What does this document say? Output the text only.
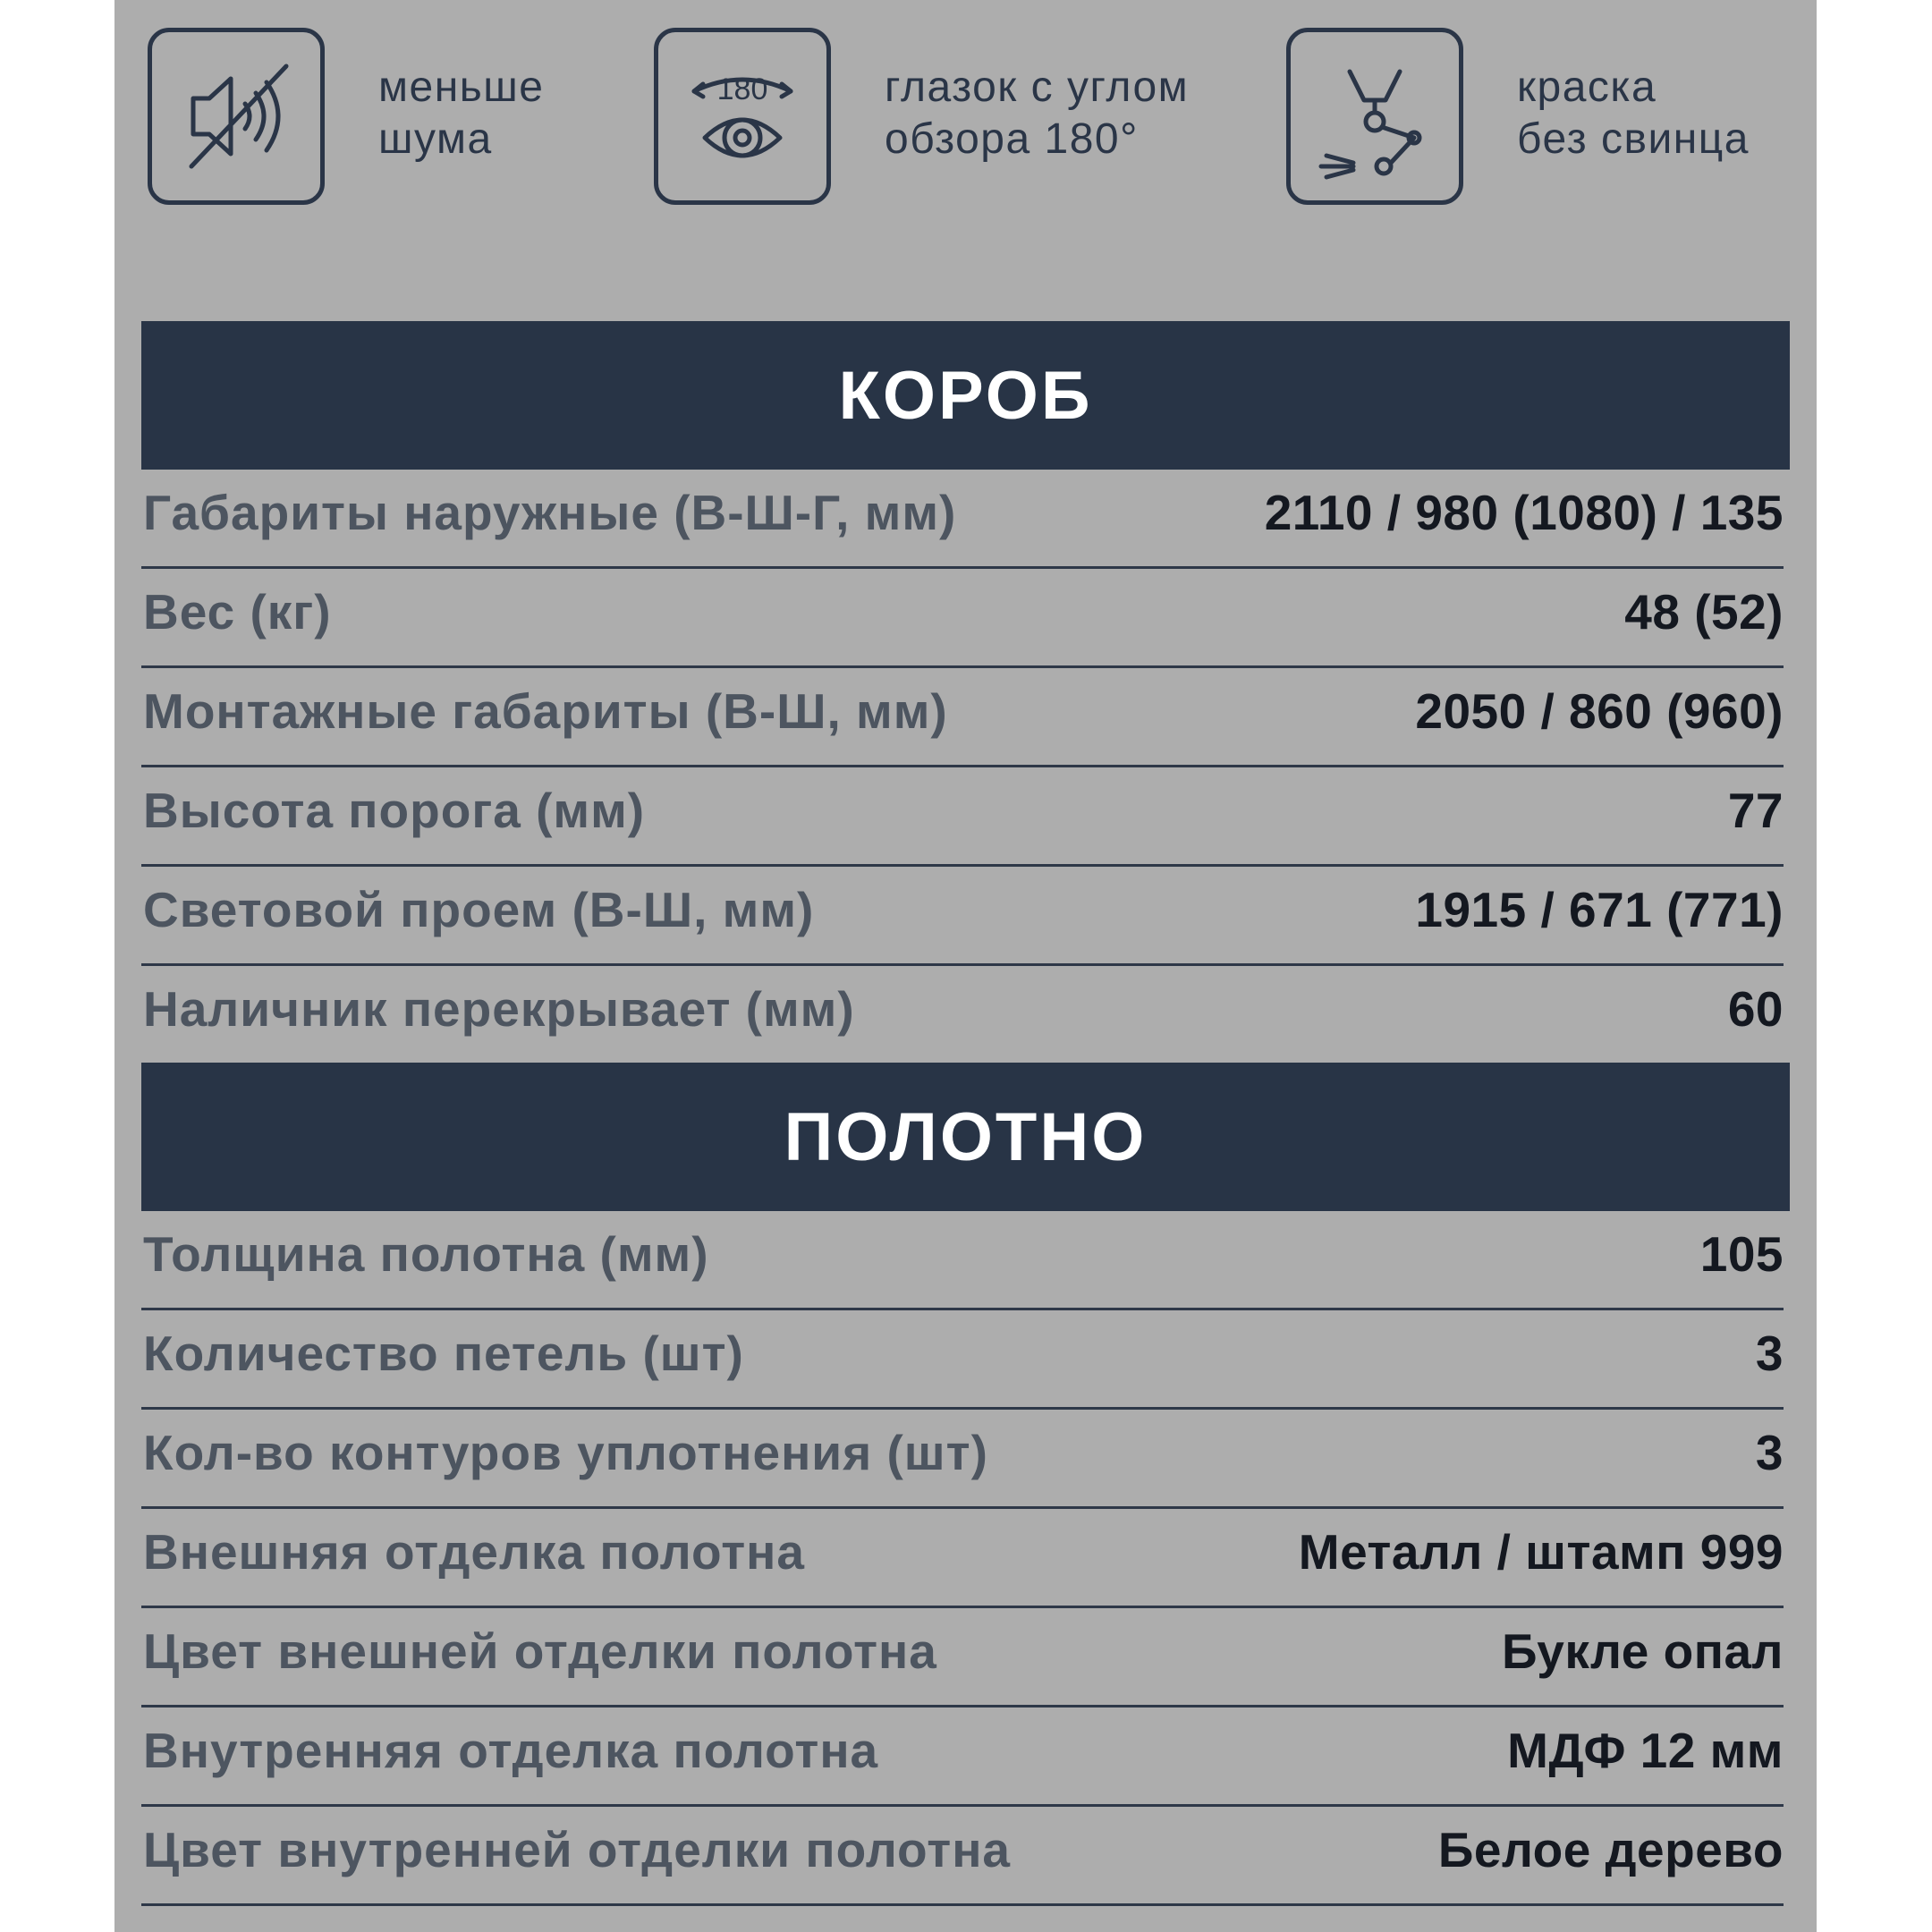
меньше
шума
180	глазок с углом
обзора 180°
краска
без свинца
КОРОБ
Габариты наружные (В-Ш-Г, мм)	2110 / 980 (1080) / 135
Вес (кг)	48 (52)
Монтажные габариты (В-Ш, мм)	2050 / 860 (960)
Высота порога (мм)	77
Световой проем (В-Ш, мм)	1915 / 671 (771)
Наличник перекрывает (мм)	60
ПОЛОТНО
Толщина полотна (мм)	105
Количество петель (шт)	3
Кол-во контуров уплотнения (шт)	3
Внешняя отделка полотна	Металл / штамп 999
Цвет внешней отделки полотна	Букле опал
Внутренняя отделка полотна	МДФ 12 мм
Цвет внутренней отделки полотна	Белое дерево
